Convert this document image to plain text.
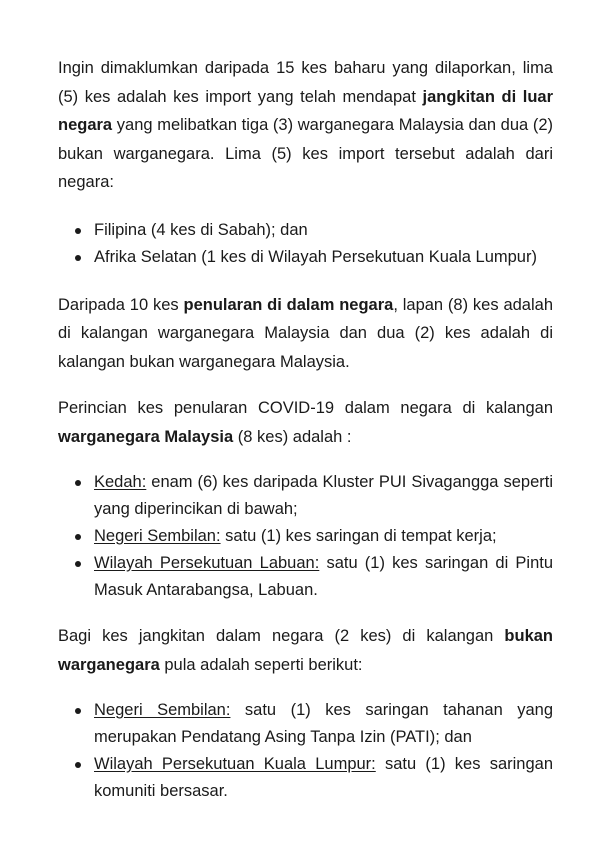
Ingin dimaklumkan daripada 15 kes baharu yang dilaporkan, lima (5) kes adalah kes import yang telah mendapat jangkitan di luar negara yang melibatkan tiga (3) warganegara Malaysia dan dua (2) bukan warganegara. Lima (5) kes import tersebut adalah dari negara:

Filipina (4 kes di Sabah); dan
Afrika Selatan (1 kes di Wilayah Persekutuan Kuala Lumpur)

Daripada 10 kes penularan di dalam negara, lapan (8) kes adalah di kalangan warganegara Malaysia dan dua (2) kes adalah di kalangan bukan warganegara Malaysia.

Perincian kes penularan COVID-19 dalam negara di kalangan warganegara Malaysia (8 kes) adalah :

Kedah: enam (6) kes daripada Kluster PUI Sivagangga seperti yang diperincikan di bawah;
Negeri Sembilan: satu (1) kes saringan di tempat kerja;
Wilayah Persekutuan Labuan: satu (1) kes saringan di Pintu Masuk Antarabangsa, Labuan.

Bagi kes jangkitan dalam negara (2 kes) di kalangan bukan warganegara pula adalah seperti berikut:

Negeri Sembilan: satu (1) kes saringan tahanan yang merupakan Pendatang Asing Tanpa Izin (PATI); dan
Wilayah Persekutuan Kuala Lumpur: satu (1) kes saringan komuniti bersasar.
